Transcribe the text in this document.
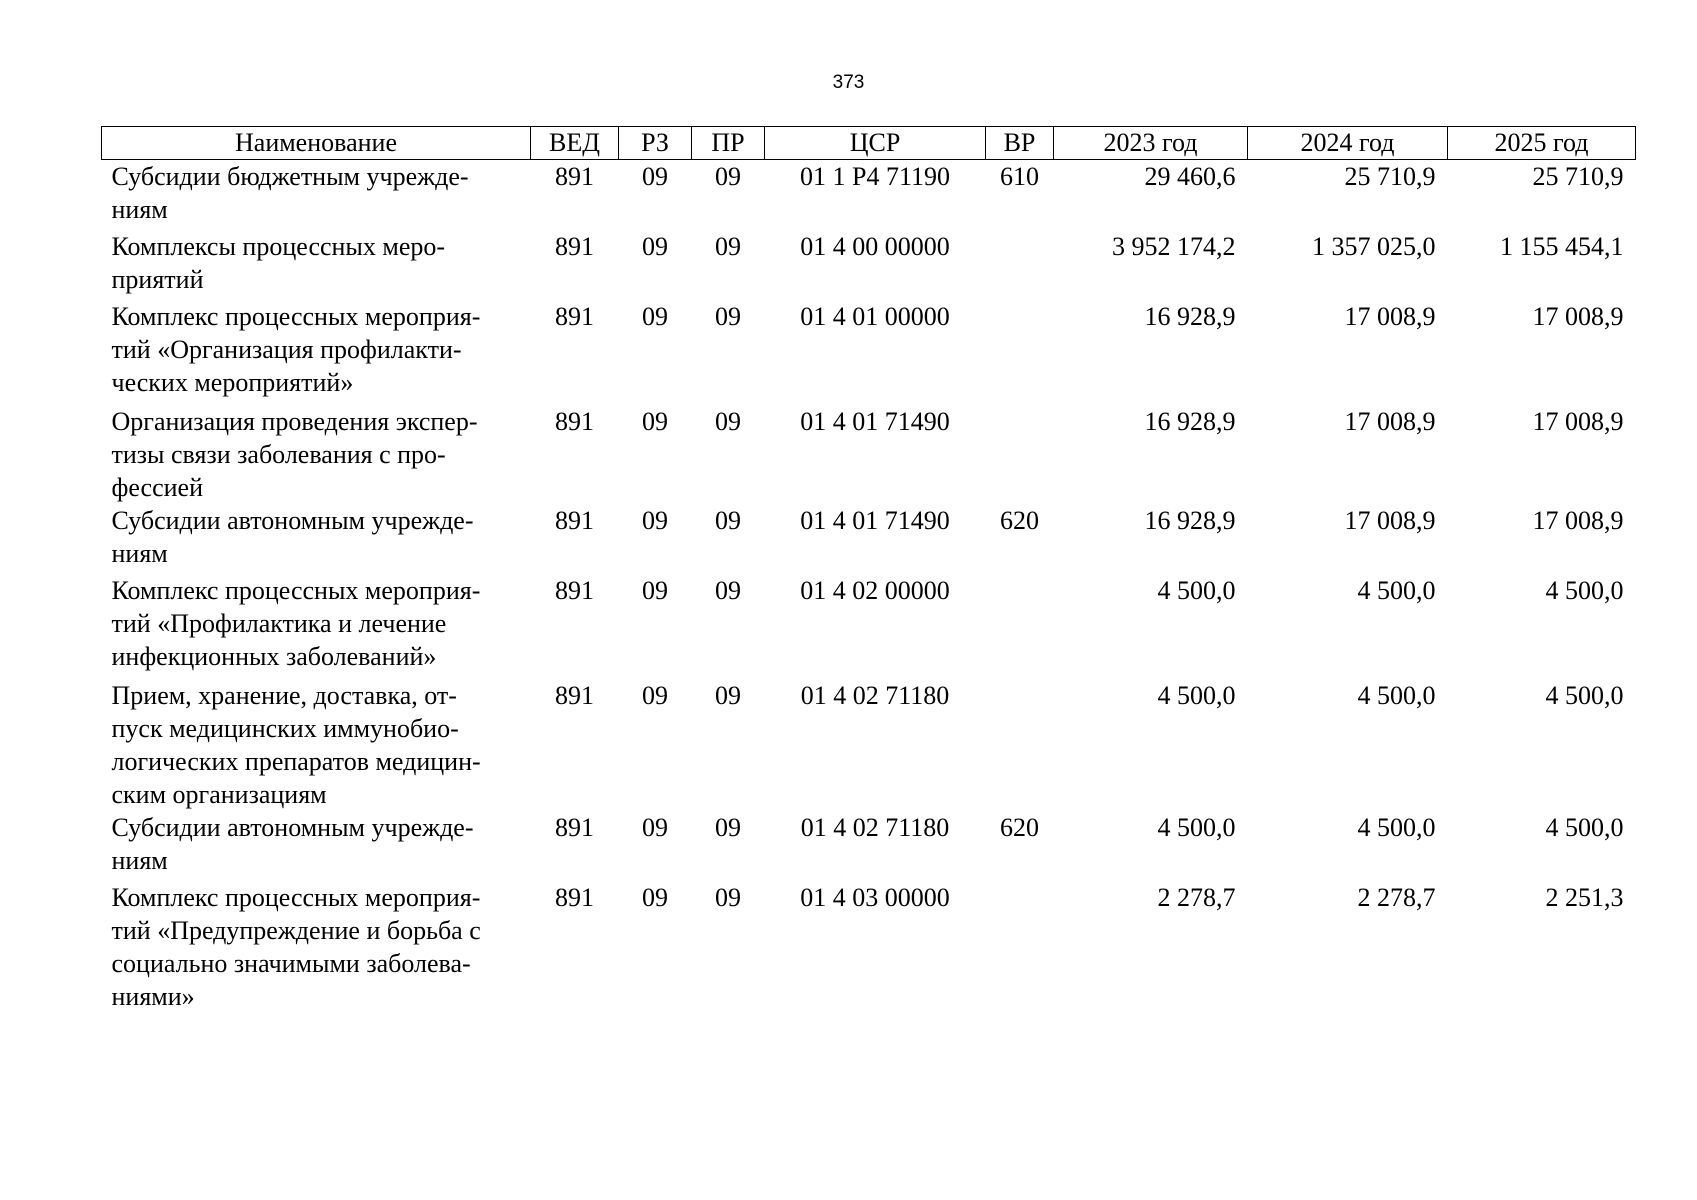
373
Наименование	ВЕД	РЗ	ПР	ЦСР	ВР	2023 год	2024 год	2025 год

Субсидии бюджетным учрежде-
ниям	891	09	09	01 1 Р4 71190	610	29 460,6	25 710,9	25 710,9

Комплексы процессных меро-
приятий	891	09	09	01 4 00 00000		3 952 174,2	1 357 025,0	1 155 454,1

Комплекс процессных мероприя-
тий «Организация профилакти-
ческих мероприятий»	891	09	09	01 4 01 00000		16 928,9	17 008,9	17 008,9

Организация проведения экспер-
тизы связи заболевания с про-
фессией	891	09	09	01 4 01 71490		16 928,9	17 008,9	17 008,9

Субсидии автономным учрежде-
ниям	891	09	09	01 4 01 71490	620	16 928,9	17 008,9	17 008,9

Комплекс процессных мероприя-
тий «Профилактика и лечение
инфекционных заболеваний»	891	09	09	01 4 02 00000		4 500,0	4 500,0	4 500,0

Прием, хранение, доставка, от-
пуск медицинских иммунобио-
логических препаратов медицин-
ским организациям	891	09	09	01 4 02 71180		4 500,0	4 500,0	4 500,0

Субсидии автономным учрежде-
ниям	891	09	09	01 4 02 71180	620	4 500,0	4 500,0	4 500,0

Комплекс процессных мероприя-
тий «Предупреждение и борьба с
социально значимыми заболева-
ниями»	891	09	09	01 4 03 00000		2 278,7	2 278,7	2 251,3
